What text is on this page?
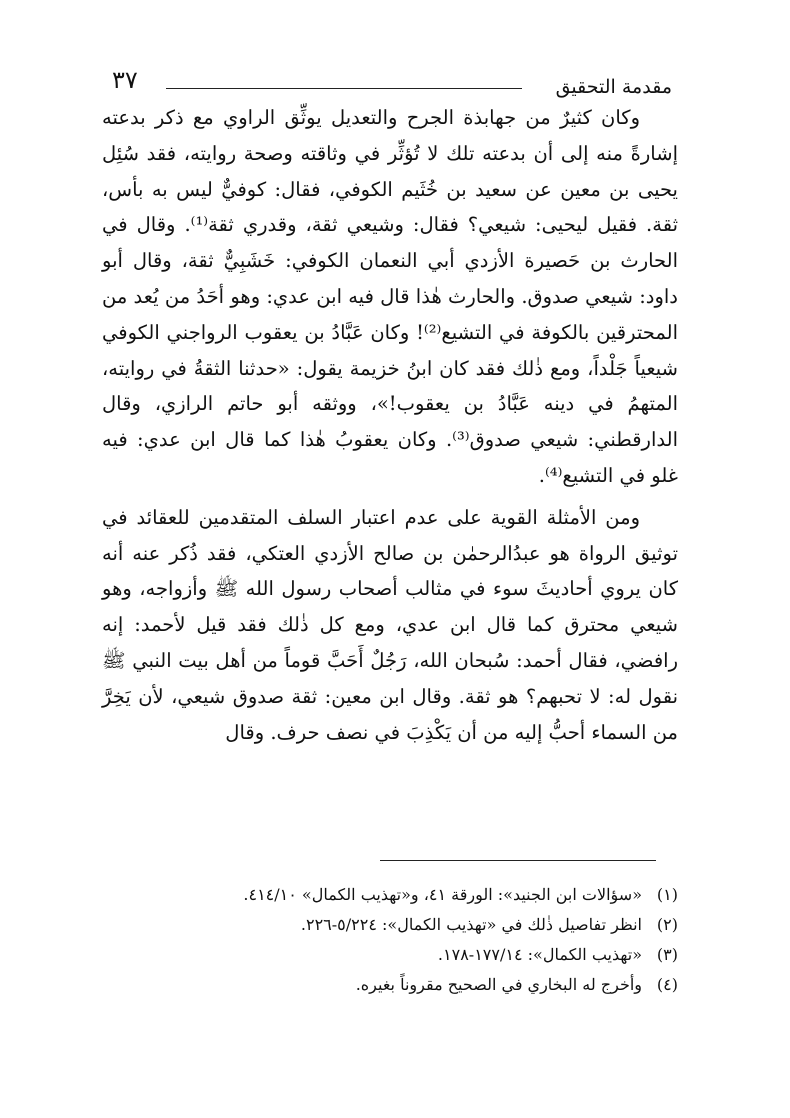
٣٧	مقدمة التحقيق

وكان كثيرٌ من جهابذة الجرح والتعديل يوثِّق الراوي مع ذكر بدعته إشارةً منه إلى أن بدعته تلك لا تُؤثِّر في وثاقته وصحة روايته، فقد سُئِل يحيى بن معين عن سعيد بن خُثَيم الكوفي، فقال: كوفيٌّ ليس به بأس، ثقة. فقيل ليحيى: شيعي؟ فقال: وشيعي ثقة، وقدري ثقة⁽¹⁾. وقال في الحارث بن حَصيرة الأزدي أبي النعمان الكوفي: خَشَبِيٌّ ثقة، وقال أبو داود: شيعي صدوق. والحارث هٰذا قال فيه ابن عدي: وهو أحَدُ من يُعد من المحترقين بالكوفة في التشيع⁽²⁾! وكان عَبَّادُ بن يعقوب الرواجني الكوفي شيعياً جَلْداً، ومع ذٰلك فقد كان ابنُ خزيمة يقول: «حدثنا الثقةُ في روايته، المتهمُ في دينه عَبَّادُ بن يعقوب!»، ووثقه أبو حاتم الرازي، وقال الدارقطني: شيعي صدوق⁽³⁾. وكان يعقوبُ هٰذا كما قال ابن عدي: فيه غلو في التشيع⁽⁴⁾.

ومن الأمثلة القوية على عدم اعتبار السلف المتقدمين للعقائد في توثيق الرواة هو عبدُالرحمٰن بن صالح الأزدي العتكي، فقد ذُكر عنه أنه كان يروي أحاديثَ سوء في مثالب أصحاب رسول الله ﷺ وأزواجه، وهو شيعي محترق كما قال ابن عدي، ومع كل ذٰلك فقد قيل لأحمد: إنه رافضي، فقال أحمد: سُبحان الله، رَجُلٌ أَحَبَّ قوماً من أهل بيت النبي ﷺ نقول له: لا تحبهم؟ هو ثقة. وقال ابن معين: ثقة صدوق شيعي، لأن يَخِرَّ من السماء أحبُّ إليه من أن يَكْذِبَ في نصف حرف. وقال

(١)
«سؤالات ابن الجنيد»: الورقة ٤١، و«تهذيب الكمال» ٤١٤/١٠.
(٢)
انظر تفاصيل ذٰلك في «تهذيب الكمال»: ٥/٢٢٤-٢٢٦.
(٣)
«تهذيب الكمال»: ١٧٧/١٤-١٧٨.
(٤)
وأخرج له البخاري في الصحيح مقروناً بغيره.
